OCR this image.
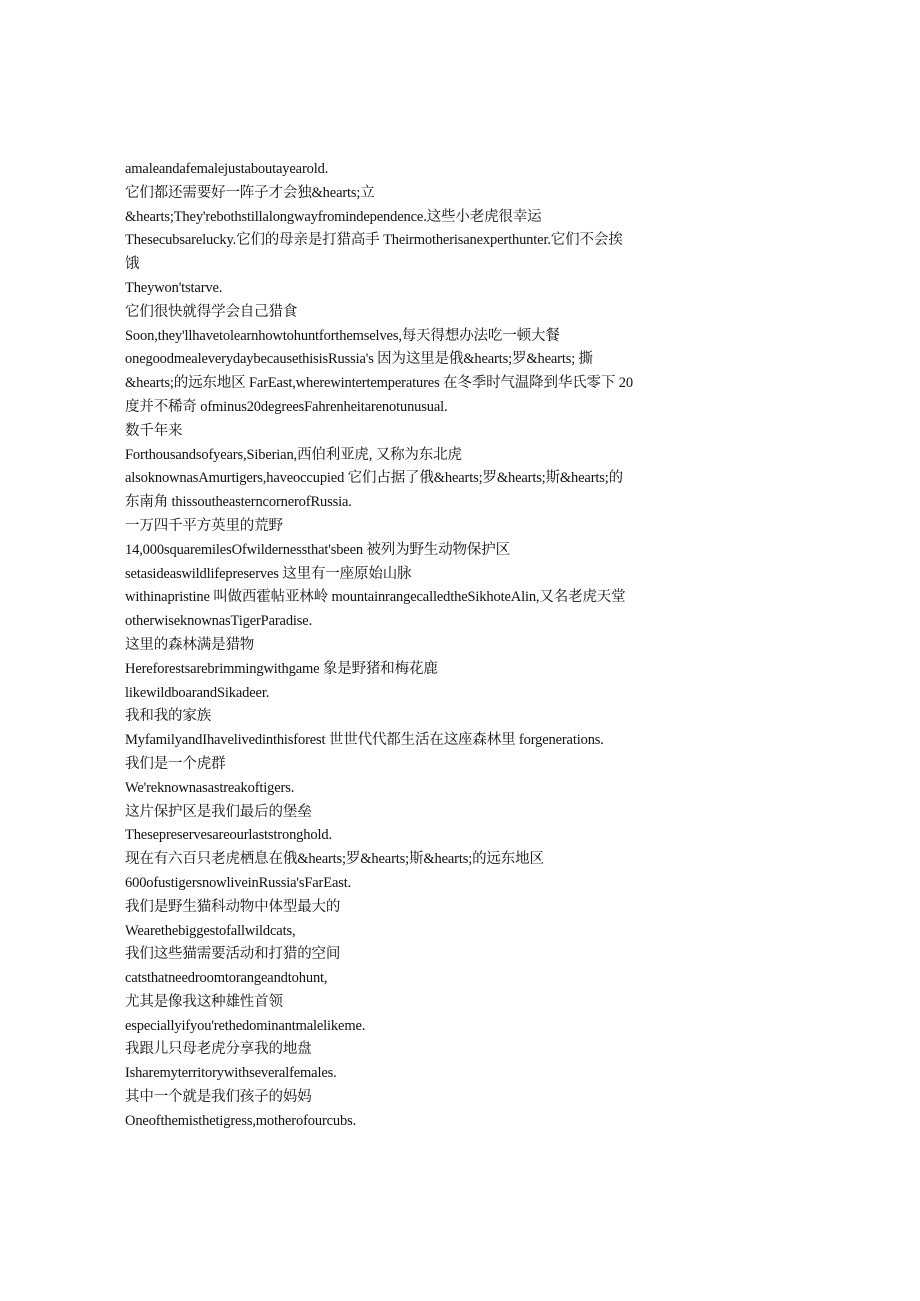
amaleandafemalejustaboutayearold.

它们都还需要好一阵子才会独&hearts;立

&hearts;They'rebothstillalongwayfromindependence.这些小老虎很幸运

Thesecubsarelucky.它们的母亲是打猎高手 Theirmotherisanexperthunter.它们不会挨

饿

Theywon'tstarve.

它们很快就得学会自己猎食

Soon,they'llhavetolearnhowtohuntforthemselves,每天得想办法吃一顿大餐

onegoodmealeverydaybecausethisisRussia's 因为这里是俄&hearts;罗&hearts; 撕

&hearts;的远东地区 FarEast,wherewintertemperatures 在冬季时气温降到华氏零下 20

度并不稀奇 ofminus20degreesFahrenheitarenotunusual.

数千年来

Forthousandsofyears,Siberian,西伯利亚虎, 又称为东北虎

alsoknownasAmurtigers,haveoccupied 它们占据了俄&hearts;罗&hearts;斯&hearts;的

东南角 thissoutheasterncornerofRussia.

一万四千平方英里的荒野

14,000squaremilesOfwildernessthat'sbeen 被列为野生动物保护区

setasideaswildlifepreserves 这里有一座原始山脉

withinapristine 叫做西霍帖亚林岭 mountainrangecalledtheSikhoteAlin,又名老虎天堂

otherwiseknownasTigerParadise.

这里的森林满是猎物

Hereforestsarebrimmingwithgame 象是野猪和梅花鹿

likewildboarandSikadeer.

我和我的家族

MyfamilyandIhavelivedinthisforest 世世代代都生活在这座森林里 forgenerations.

我们是一个虎群

We'reknownasastreakoftigers.

这片保护区是我们最后的堡垒

Thesepreservesareourlaststronghold.

现在有六百只老虎栖息在俄&hearts;罗&hearts;斯&hearts;的远东地区

600ofustigersnowliveinRussia'sFarEast.

我们是野生猫科动物中体型最大的

Wearethebiggestofallwildcats,

我们这些猫需要活动和打猎的空间

catsthatneedroomtorangeandtohunt,

尤其是像我这种雄性首领

especiallyifyou'rethedominantmalelikeme.

我跟儿只母老虎分享我的地盘

Isharemyterritorywithseveralfemales.

其中一个就是我们孩子的妈妈

Oneofthemisthetigress,motherofourcubs.
